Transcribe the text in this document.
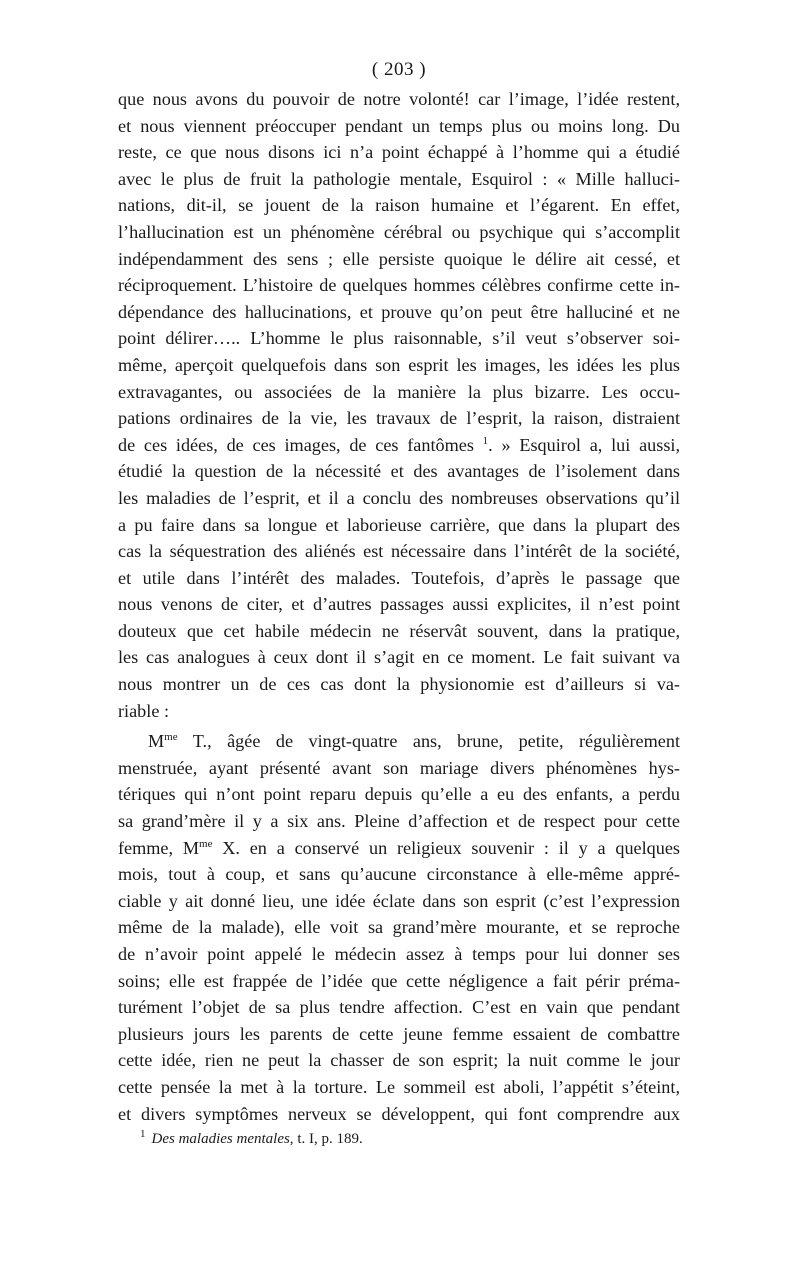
( 203 )
que nous avons du pouvoir de notre volonté! car l’image, l’idée restent,
et nous viennent préoccuper pendant un temps plus ou moins long. Du
reste, ce que nous disons ici n’a point échappé à l’homme qui a étudié
avec le plus de fruit la pathologie mentale, Esquirol : « Mille halluci-
nations, dit-il, se jouent de la raison humaine et l’égarent. En effet,
l’hallucination est un phénomène cérébral ou psychique qui s’accomplit
indépendamment des sens ; elle persiste quoique le délire ait cessé, et
réciproquement. L’histoire de quelques hommes célèbres confirme cette in-
dépendance des hallucinations, et prouve qu’on peut être halluciné et ne
point délirer….. L’homme le plus raisonnable, s’il veut s’observer soi-
même, aperçoit quelquefois dans son esprit les images, les idées les plus
extravagantes, ou associées de la manière la plus bizarre. Les occu-
pations ordinaires de la vie, les travaux de l’esprit, la raison, distraient
de ces idées, de ces images, de ces fantômes $^1$. » Esquirol a, lui aussi,
étudié la question de la nécessité et des avantages de l’isolement dans
les maladies de l’esprit, et il a conclu des nombreuses observations qu’il
a pu faire dans sa longue et laborieuse carrière, que dans la plupart des
cas la séquestration des aliénés est nécessaire dans l’intérêt de la société,
et utile dans l’intérêt des malades. Toutefois, d’après le passage que
nous venons de citer, et d’autres passages aussi explicites, il n’est point
douteux que cet habile médecin ne réservât souvent, dans la pratique,
les cas analogues à ceux dont il s’agit en ce moment. Le fait suivant va
nous montrer un de ces cas dont la physionomie est d’ailleurs si va-
riable :
$M^{me}$ T., âgée de vingt-quatre ans, brune, petite, régulièrement
menstruée, ayant présenté avant son mariage divers phénomènes hys-
tériques qui n’ont point reparu depuis qu’elle a eu des enfants, a perdu
sa grand’mère il y a six ans. Pleine d’affection et de respect pour cette
femme, $M^{me}$ X. en a conservé un religieux souvenir : il y a quelques
mois, tout à coup, et sans qu’aucune circonstance à elle-même appré-
ciable y ait donné lieu, une idée éclate dans son esprit (c’est l’expression
même de la malade), elle voit sa grand’mère mourante, et se reproche
de n’avoir point appelé le médecin assez à temps pour lui donner ses
soins; elle est frappée de l’idée que cette négligence a fait périr préma-
turément l’objet de sa plus tendre affection. C’est en vain que pendant
plusieurs jours les parents de cette jeune femme essaient de combattre
cette idée, rien ne peut la chasser de son esprit; la nuit comme le jour
cette pensée la met à la torture. Le sommeil est aboli, l’appétit s’éteint,
et divers symptômes nerveux se développent, qui font comprendre aux
$^1$ Des maladies mentales, t. I, p. 189.
